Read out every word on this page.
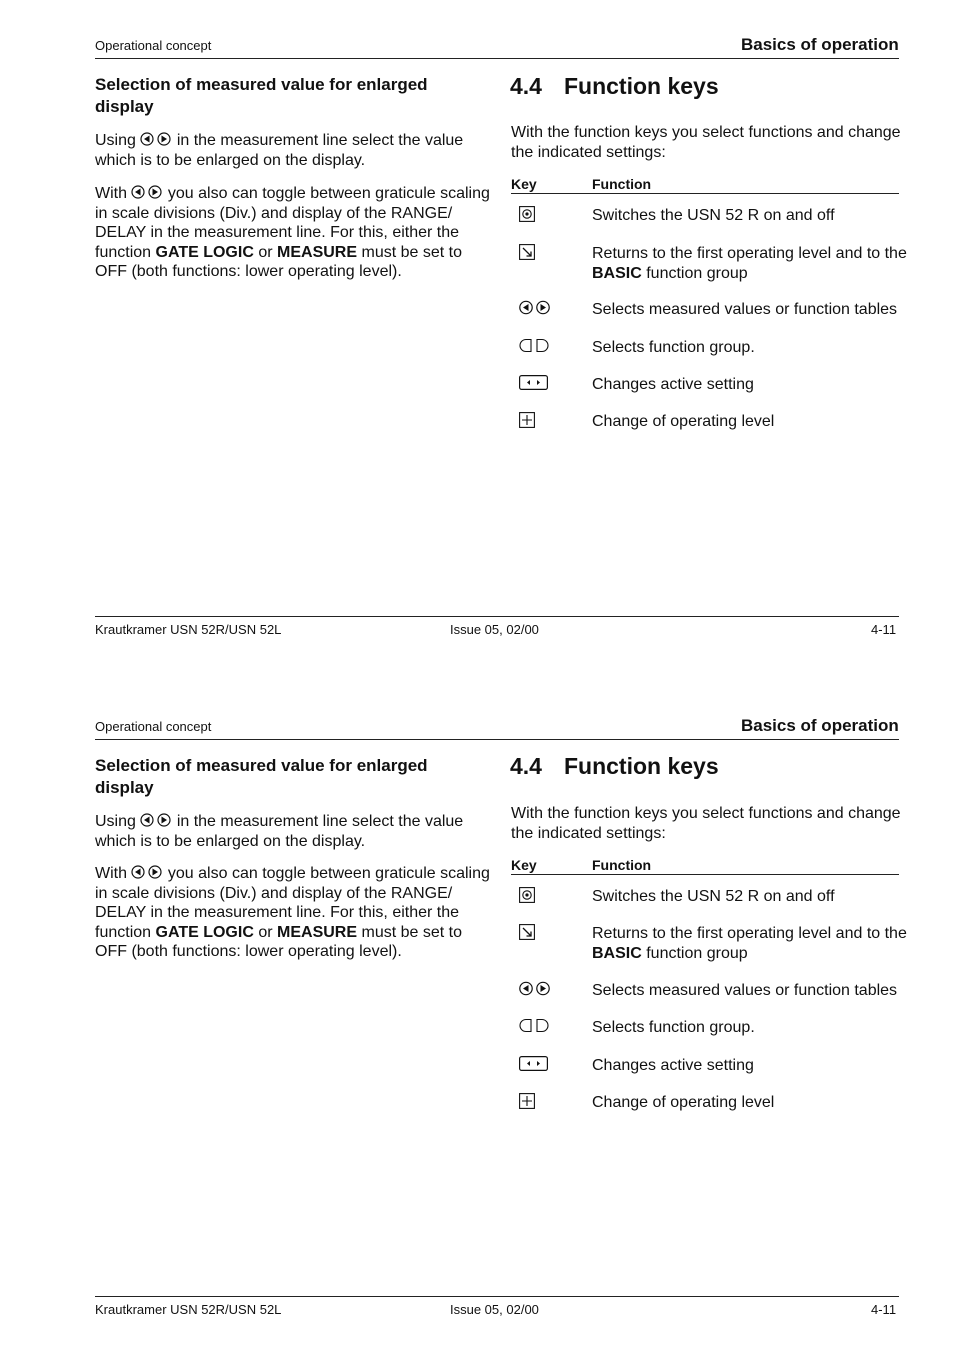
Operational concept	Basics of operation
Selection of measured value for enlarged display

Using	in the measurement line select the value which is to be enlarged on the display.

With	you also can toggle between graticule scaling in scale divisions (Div.) and display of the RANGE/ DELAY in the measurement line. For this, either the function GATE LOGIC or MEASURE must be set to OFF (both functions: lower operating level).

4.4 Function keys

With the function keys you select functions and change the indicated settings:

Key	Function
Switches the USN 52 R on and off
Returns to the first operating level and to the BASIC function group
Selects measured values or function tables
Selects function group.
Changes active setting
Change of operating level
Krautkramer USN 52R/USN 52L	Issue 05, 02/00	4-11
Operational concept	Basics of operation
Selection of measured value for enlarged display

Using	in the measurement line select the value which is to be enlarged on the display.

With	you also can toggle between graticule scaling in scale divisions (Div.) and display of the RANGE/ DELAY in the measurement line. For this, either the function GATE LOGIC or MEASURE must be set to OFF (both functions: lower operating level).

4.4 Function keys

With the function keys you select functions and change the indicated settings:

Key	Function
Switches the USN 52 R on and off
Returns to the first operating level and to the BASIC function group
Selects measured values or function tables
Selects function group.
Changes active setting
Change of operating level
Krautkramer USN 52R/USN 52L	Issue 05, 02/00	4-11
